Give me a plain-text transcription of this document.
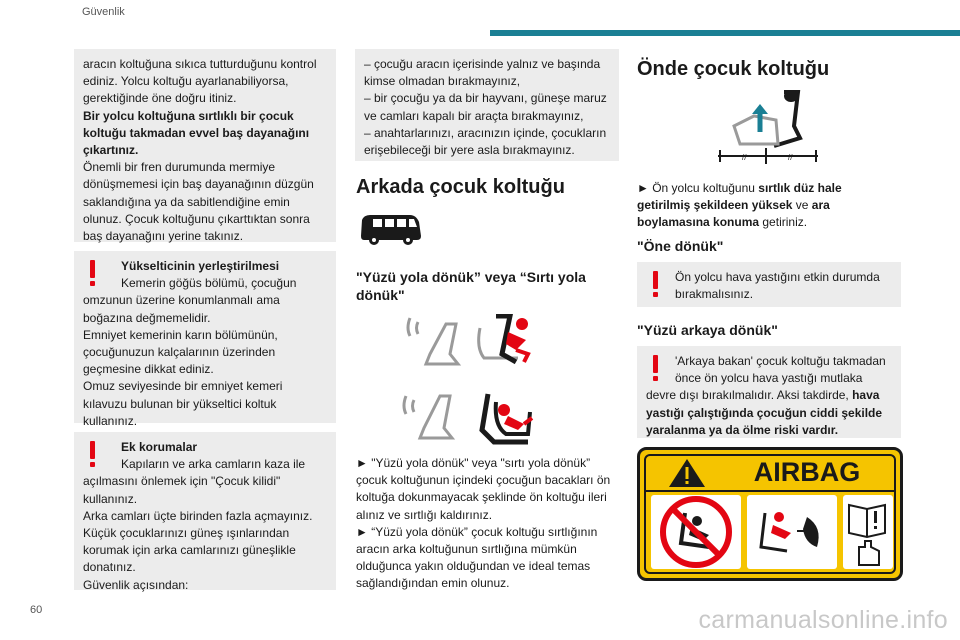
Güvenlik
60	carmanualsonline.info
aracın koltuğuna sıkıca tutturduğunu kontrol
ediniz. Yolcu koltuğu ayarlanabiliyorsa,
gerektiğinde öne doğru itiniz.
Bir yolcu koltuğuna sırtlıklı bir çocuk
koltuğu takmadan evvel baş dayanağını
çıkartınız.
Önemli bir fren durumunda mermiye
dönüşmemesi için baş dayanağının düzgün
saklandığına ya da sabitlendiğine emin
olunuz. Çocuk koltuğunu çıkarttıktan sonra
baş dayanağını yerine takınız.
Yükselticinin yerleştirilmesi
Kemerin göğüs bölümü, çocuğun
omzunun üzerine konumlanmalı ama
boğazına değmemelidir.
Emniyet kemerinin karın bölümünün,
çocuğunuzun kalçalarının üzerinden
geçmesine dikkat ediniz.
Omuz seviyesinde bir emniyet kemeri
kılavuzu bulunan bir yükseltici koltuk
kullanınız.
Ek korumalar
Kapıların ve arka camların kaza ile
açılmasını önlemek için "Çocuk kilidi"
kullanınız.
Arka camları üçte birinden fazla açmayınız.
Küçük çocuklarınızı güneş ışınlarından
korumak için arka camlarınızı güneşlikle
donatınız.
Güvenlik açısından:
– çocuğu aracın içerisinde yalnız ve başında
kimse olmadan bırakmayınız,
– bir çocuğu ya da bir hayvanı, güneşe maruz
ve camları kapalı bir araçta bırakmayınız,
– anahtarlarınızı, aracınızın içinde, çocukların
erişebileceği bir yere asla bırakmayınız.
Arkada çocuk koltuğu
"Yüzü yola dönük” veya “Sırtı yola
dönük"
► "Yüzü yola dönük" veya "sırtı yola dönük”
çocuk koltuğunun içindeki çocuğun bacakları ön
koltuğa dokunmayacak şeklinde ön koltuğu ileri
alınız ve sırtlığı kaldırınız.
► “Yüzü yola dönük” çocuk koltuğu sırtlığının
aracın arka koltuğunun sırtlığına mümkün
olduğunca yakın olduğundan ve ideal temas
sağlandığından emin olunuz.
Önde çocuk koltuğu
//	//
► Ön yolcu koltuğunu sırtlık düz hale
getirilmiş şekildeen yüksek ve ara
boylamasına konuma getiriniz.
"Öne dönük"
Ön yolcu hava yastığını etkin durumda
bırakmalısınız.
"Yüzü arkaya dönük"
'Arkaya bakan' çocuk koltuğu takmadan
önce ön yolcu hava yastığı mutlaka
devre dışı bırakılmalıdır. Aksi takdirde, hava
yastığı çalıştığında çocuğun ciddi şekilde
yaralanma ya da ölme riski vardır.
AIRBAG
